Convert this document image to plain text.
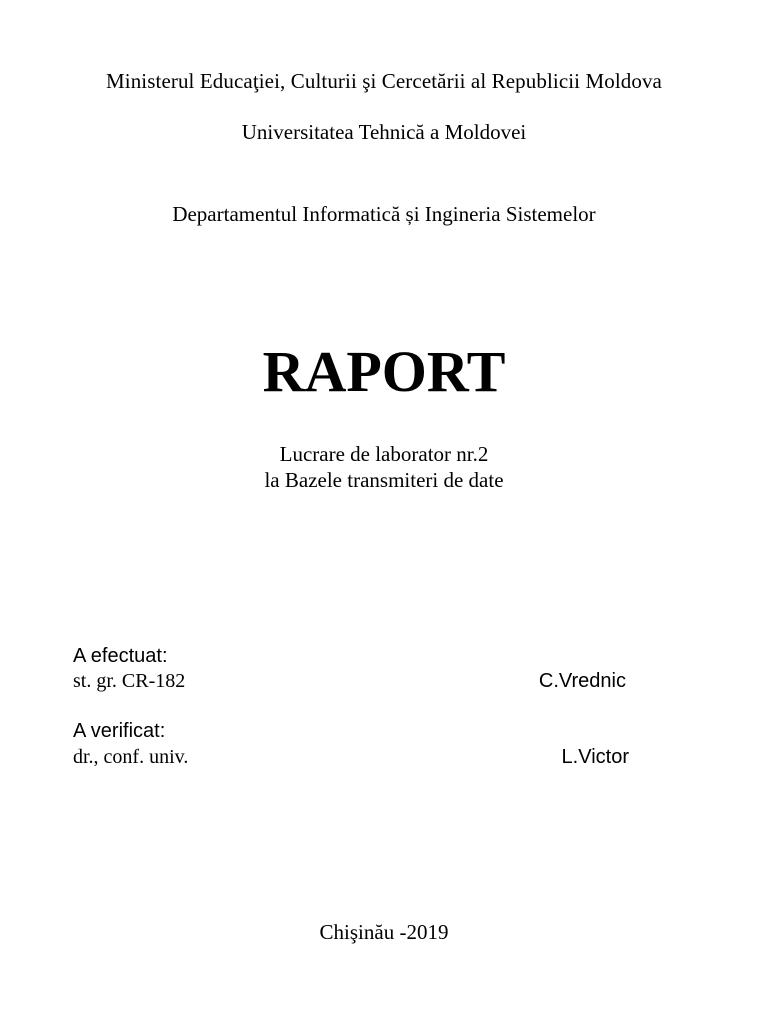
Ministerul Educaţiei, Culturii şi Cercetării al Republicii Moldova
Universitatea Tehnică a Moldovei
Departamentul Informatică și Ingineria Sistemelor
RAPORT
Lucrare de laborator nr.2
la Bazele transmiteri de date
A efectuat:
st. gr. CR-182	C.Vrednic
A verificat:
dr., conf. univ.	L.Victor
Chişinău -2019
